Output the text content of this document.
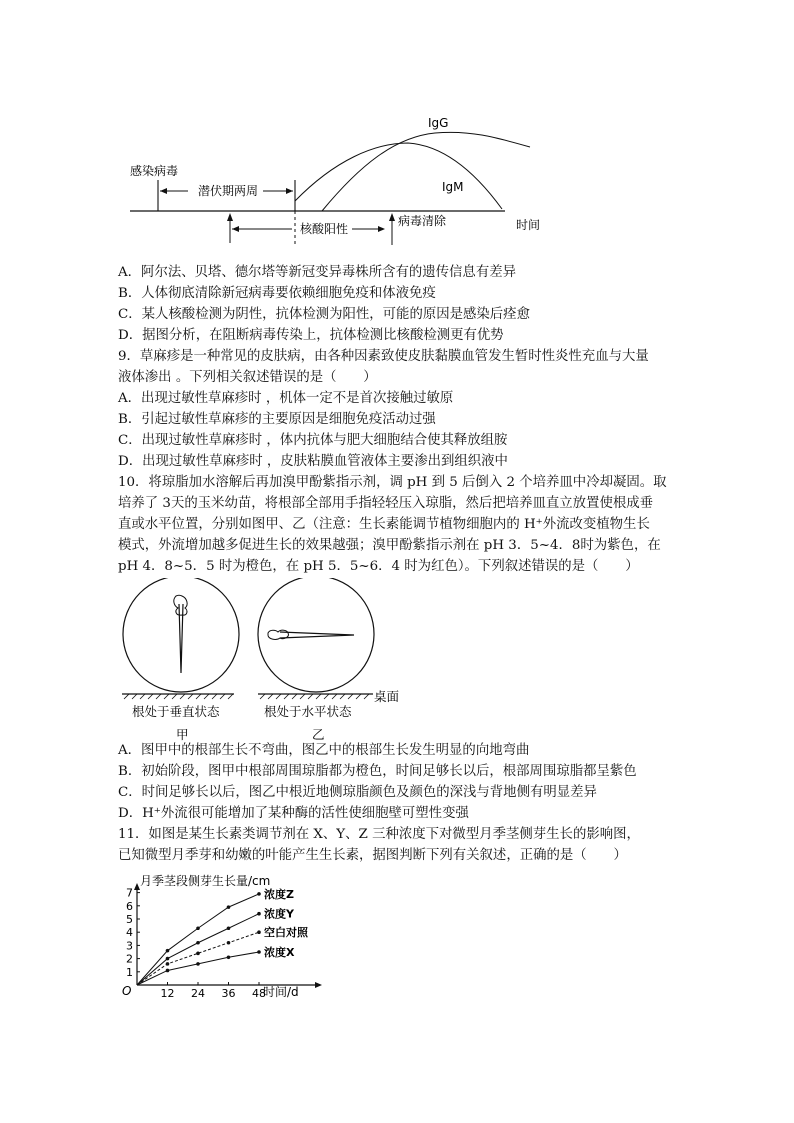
感染病毒
潜伏期两周
核酸阳性
病毒清除	时间
IgG
IgM
A．阿尔法、贝塔、德尔塔等新冠变异毒株所含有的遗传信息有差异
B．人体彻底清除新冠病毒要依赖细胞免疫和体液免疫
C．某人核酸检测为阴性，抗体检测为阳性，可能的原因是感染后痊愈
D．据图分析，在阻断病毒传染上，抗体检测比核酸检测更有优势
9．草麻疹是一种常见的皮肤病，由各种因素致使皮肤黏膜血管发生暂时性炎性充血与大量
液体渗出 。下列相关叙述错误的是（　　）
A．出现过敏性草麻疹时 ，机体一定不是首次接触过敏原
B．引起过敏性草麻疹的主要原因是细胞免疫活动过强
C．出现过敏性草麻疹时 ，体内抗体与肥大细胞结合使其释放组胺
D．出现过敏性草麻疹时 ，皮肤粘膜血管液体主要渗出到组织液中
10．将琼脂加水溶解后再加溴甲酚紫指示剂，调 pH 到 5 后倒入 2 个培养皿中冷却凝固。取
培养了 3天的玉米幼苗，将根部全部用手指轻轻压入琼脂，然后把培养皿直立放置使根成垂
直或水平位置，分别如图甲、乙（注意：生长素能调节植物细胞内的 H⁺外流改变植物生长
模式，外流增加越多促进生长的效果越强；溴甲酚紫指示剂在 pH 3．5~4．8时为紫色，在
pH 4．8~5．5 时为橙色，在 pH 5．5~6．4 时为红色）。下列叙述错误的是（　　）
桌面
根处于垂直状态	根处于水平状态
甲	乙
A．图甲中的根部生长不弯曲，图乙中的根部生长发生明显的向地弯曲
B．初始阶段，图甲中根部周围琼脂都为橙色，时间足够长以后，根部周围琼脂都呈紫色
C．时间足够长以后，图乙中根近地侧琼脂颜色及颜色的深浅与背地侧有明显差异
D．H⁺外流很可能增加了某种酶的活性使细胞壁可塑性变强
11．如图是某生长素类调节剂在 X、Y、Z 三种浓度下对微型月季茎侧芽生长的影响图，
已知微型月季芽和幼嫩的叶能产生生长素，据图判断下列有关叙述，正确的是（　　）
月季茎段侧芽生长量/cm
时间/d
O
1
2
3
4
5
6
7
12 24 36 48
浓度Z
浓度Y
空白对照
浓度X
